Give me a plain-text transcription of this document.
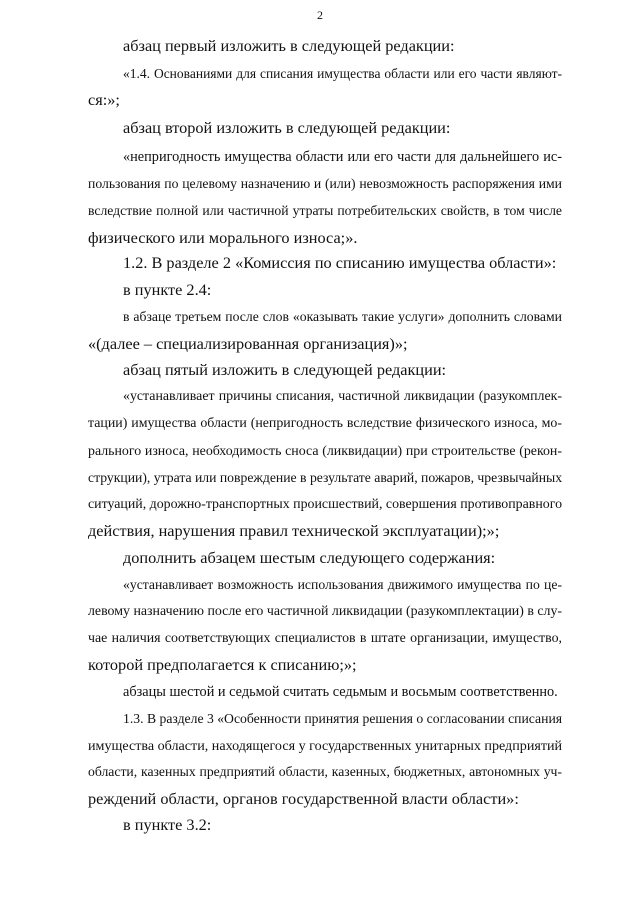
2
абзац первый изложить в следующей редакции:
«1.4. Основаниями для списания имущества области или его части являют-
ся:»;
абзац второй изложить в следующей редакции:
«непригодность имущества области или его части для дальнейшего ис-
пользования по целевому назначению и (или) невозможность распоряжения ими
вследствие полной или частичной утраты потребительских свойств, в том числе
физического или морального износа;».
1.2. В разделе 2 «Комиссия по списанию имущества области»:
в пункте 2.4:
в абзаце третьем после слов «оказывать такие услуги» дополнить словами
«(далее – специализированная организация)»;
абзац пятый изложить в следующей редакции:
«устанавливает причины списания, частичной ликвидации (разукомплек-
тации) имущества области (непригодность вследствие физического износа, мо-
рального износа, необходимость сноса (ликвидации) при строительстве (рекон-
струкции), утрата или повреждение в результате аварий, пожаров, чрезвычайных
ситуаций, дорожно-транспортных происшествий, совершения противоправного
действия, нарушения правил технической эксплуатации);»;
дополнить абзацем шестым следующего содержания:
«устанавливает возможность использования движимого имущества по це-
левому назначению после его частичной ликвидации (разукомплектации) в слу-
чае наличия соответствующих специалистов в штате организации, имущество,
которой предполагается к списанию;»;
абзацы шестой и седьмой считать седьмым и восьмым соответственно.
1.3. В разделе 3 «Особенности принятия решения о согласовании списания
имущества области, находящегося у государственных унитарных предприятий
области, казенных предприятий области, казенных, бюджетных, автономных уч-
реждений области, органов государственной власти области»:
в пункте 3.2:
